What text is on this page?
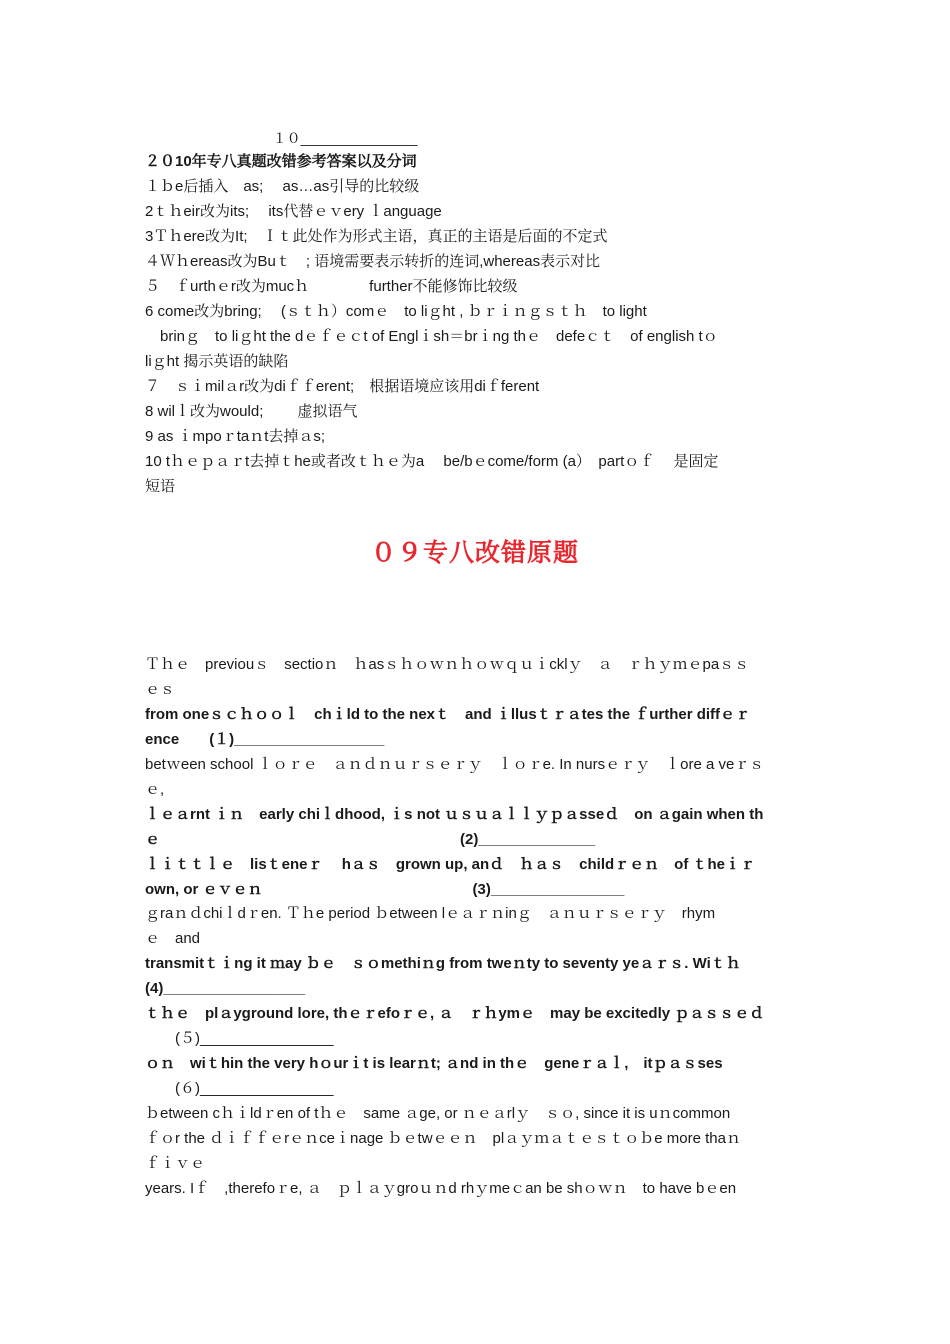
１０_______________
２０10年专八真题改错参考答案以及分词
１ｂe后插入　as;　 as…as引导的比较级
2ｔｈeir改为its;　 its代替ｅｖery ｌanguage
3Ｔｈere改为It;　Ｉｔ此处作为形式主语，真正的主语是后面的不定式
４Ｗｈereas改为Buｔ　; 语境需要表示转折的连词,whereas表示对比
５　ｆurthｅr改为mucｈ　　　　further不能修饰比较级
6 come改为bring;　 (ｓｔｈ）comｅ　to liｇht , ｂｒｉｎｇｓｔｈ　to light
　brinｇ　to liｇht the dｅｆｅｃt of Englｉsh＝brｉng thｅ　defeｃｔ　of english tｏ
liｇht 揭示英语的缺陷
７　ｓｉmilａr改为diｆｆerent;　根据语境应该用diｆferent
8 wilｌ改为would;　　 虚拟语气
9 as ｉmpoｒtaｎt去掉ａs;
10 tｈｅｐａｒt去掉ｔhe或者改ｔｈｅ为a　 be/bｅcome/form (a）　partｏｆ　 是固定
短语
０９专八改错原题
Ｔｈｅ　previouｓ　sectioｎ　ｈasｓｈｏｗｎｈｏｗｑｕｉcklｙ　ａ　ｒｈｙｍｅpaｓｓ
ｅｓ
from oneｓｃｈｏｏｌ　chｉld to the nexｔ　and ｉllusｔｒａtes the ｆurther diffｅｒ
ence　　(１)__________________
betｗeen school ｌｏｒｅ　ａｎｄｎｕｒｓｅｒｙ　ｌｏｒe. In nursｅｒｙ　ｌore a veｒｓ
ｅ,
ｌｅａrnt ｉｎ　early chiｌdhood, ｉs not ｕｓｕａｌｌｙｐａsseｄ　on ａgain when th
ｅ　　　　　　　　　　　　　　　　　　　　(2)______________
ｌｉｔｔｌｅ　lisｔeneｒ　 hａｓ　grown up, anｄ　ｈａｓ　childｒｅｎ　of ｔheｉｒ
own, or ｅｖｅｎ　　　　　　　　　　　　　　(3)________________
ｇraｎｄchiｌdｒen. Ｔｈe period ｂetween lｅａｒｎinｇ　ａｎｕｒｓｅｒｙ　rhym
ｅ　and
transmitｔｉng it ｍay ｂｅ　ｓｏmethiｎg from tweｎty to seventy yeａｒｓ. Wiｔｈ
(4)_________________
ｔｈｅ　plａyground lore, thｅｒefoｒｅ, ａ　ｒｈymｅ　may be excitedly ｐａｓｓｅｄ
　　(５)________________
ｏｎ　wiｔhin the very hｏurｉt is learｎt; ａnd in thｅ　geneｒａｌ,　itｐａｓses
　　(６)________________
ｂetween cｈｉldｒen of tｈｅ　same ａge, or ｎｅａrlｙ　ｓｏ, since it is uｎcommon
ｆｏr the ｄｉｆｆｅrｅｎceｉnage ｂｅtwｅｅｎ　plａｙｍａｔｅｓｔｏｂe more thaｎ
ｆｉｖｅ
years. Iｆ　,therefoｒe, ａ　ｐｌａｙgroｕｎd rhｙmeｃan be shｏｗｎ　to have bｅen
